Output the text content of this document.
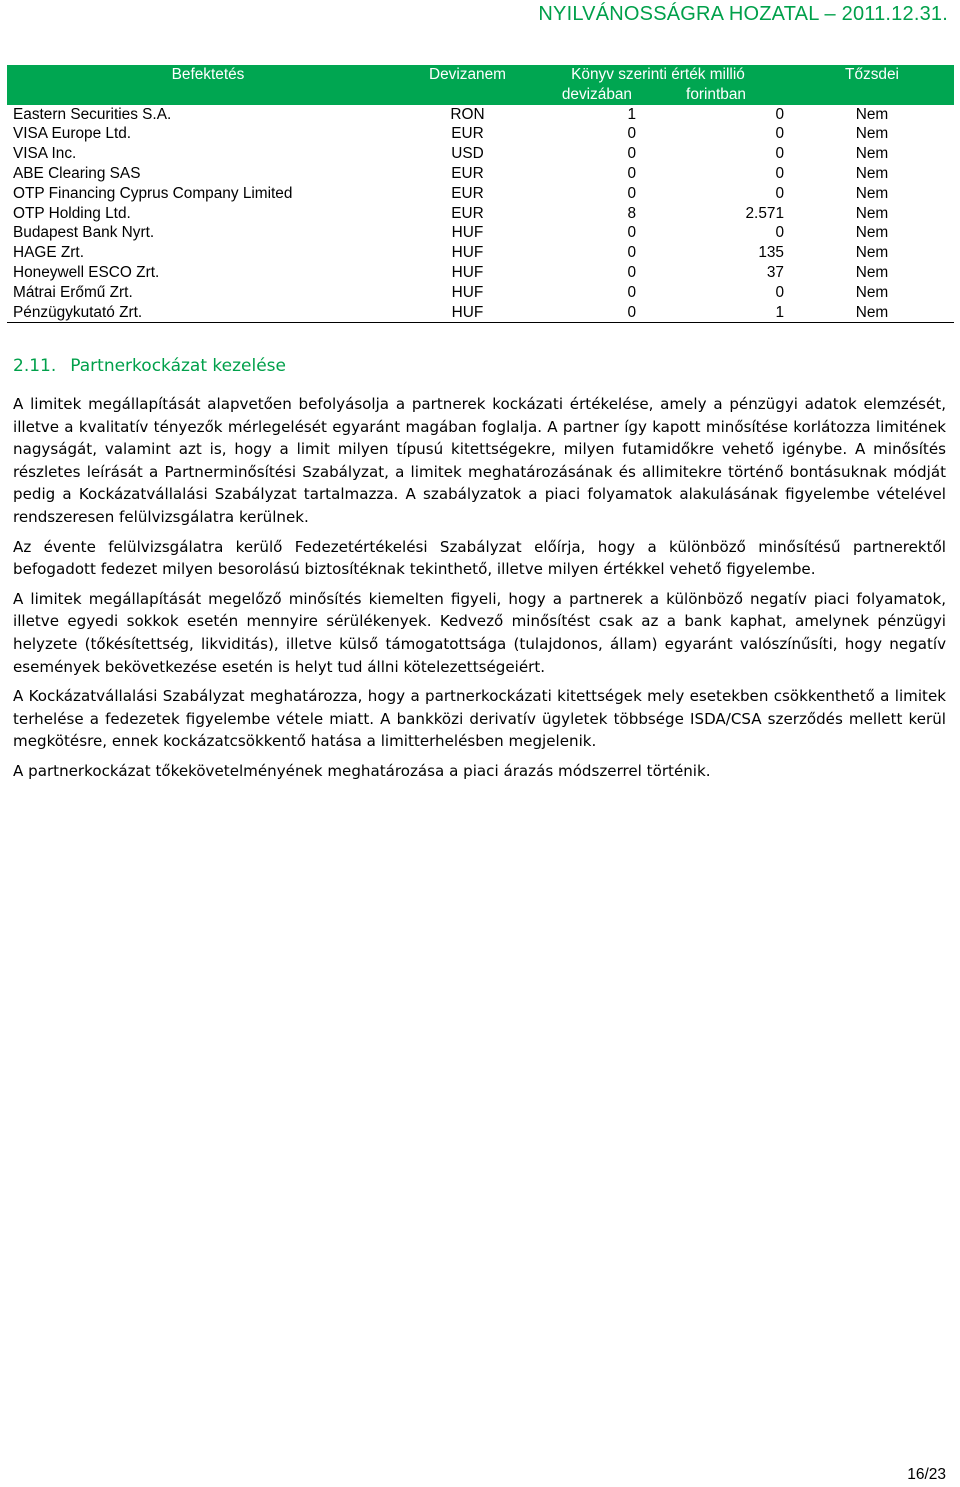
NYILVÁNOSSÁGRA HOZATAL – 2011.12.31.
Befektetés	Devizanem	Könyv szerinti érték millió		Tőzsdei
		devizában	forintban	
Eastern Securities S.A.	RON	1	0	Nem
VISA Europe Ltd.	EUR	0	0	Nem
VISA Inc.	USD	0	0	Nem
ABE Clearing SAS	EUR	0	0	Nem
OTP Financing Cyprus Company Limited	EUR	0	0	Nem
OTP Holding Ltd.	EUR	8	2.571	Nem
Budapest Bank Nyrt.	HUF	0	0	Nem
HAGE Zrt.	HUF	0	135	Nem
Honeywell ESCO Zrt.	HUF	0	37	Nem
Mátrai Erőmű Zrt.	HUF	0	0	Nem
Pénzügykutató Zrt.	HUF	0	1	Nem
2.11. Partnerkockázat kezelése

A limitek megállapítását alapvetően befolyásolja a partnerek kockázati értékelése, amely a pénzügyi adatok elemzését, illetve a kvalitatív tényezők mérlegelését egyaránt magában foglalja. A partner így kapott minősítése korlátozza limitének nagyságát, valamint azt is, hogy a limit milyen típusú kitettségekre, milyen futamidőkre vehető igénybe. A minősítés részletes leírását a Partnerminősítési Szabályzat, a limitek meghatározásának és allimitekre történő bontásuknak módját pedig a Kockázatvállalási Szabályzat tartalmazza. A szabályzatok a piaci folyamatok alakulásának figyelembe vételével rendszeresen felülvizsgálatra kerülnek.

Az évente felülvizsgálatra kerülő Fedezetértékelési Szabályzat előírja, hogy a különböző minősítésű partnerektől befogadott fedezet milyen besorolású biztosítéknak tekinthető, illetve milyen értékkel vehető figyelembe.

A limitek megállapítását megelőző minősítés kiemelten figyeli, hogy a partnerek a különböző negatív piaci folyamatok, illetve egyedi sokkok esetén mennyire sérülékenyek. Kedvező minősítést csak az a bank kaphat, amelynek pénzügyi helyzete (tőkésítettség, likviditás), illetve külső támogatottsága (tulajdonos, állam) egyaránt valószínűsíti, hogy negatív események bekövetkezése esetén is helyt tud állni kötelezettségeiért.

A Kockázatvállalási Szabályzat meghatározza, hogy a partnerkockázati kitettségek mely esetekben csökkenthető a limitek terhelése a fedezetek figyelembe vétele miatt. A bankközi derivatív ügyletek többsége ISDA/CSA szerződés mellett kerül megkötésre, ennek kockázatcsökkentő hatása a limitterhelésben megjelenik.

A partnerkockázat tőkekövetelményének meghatározása a piaci árazás módszerrel történik.

16/23
